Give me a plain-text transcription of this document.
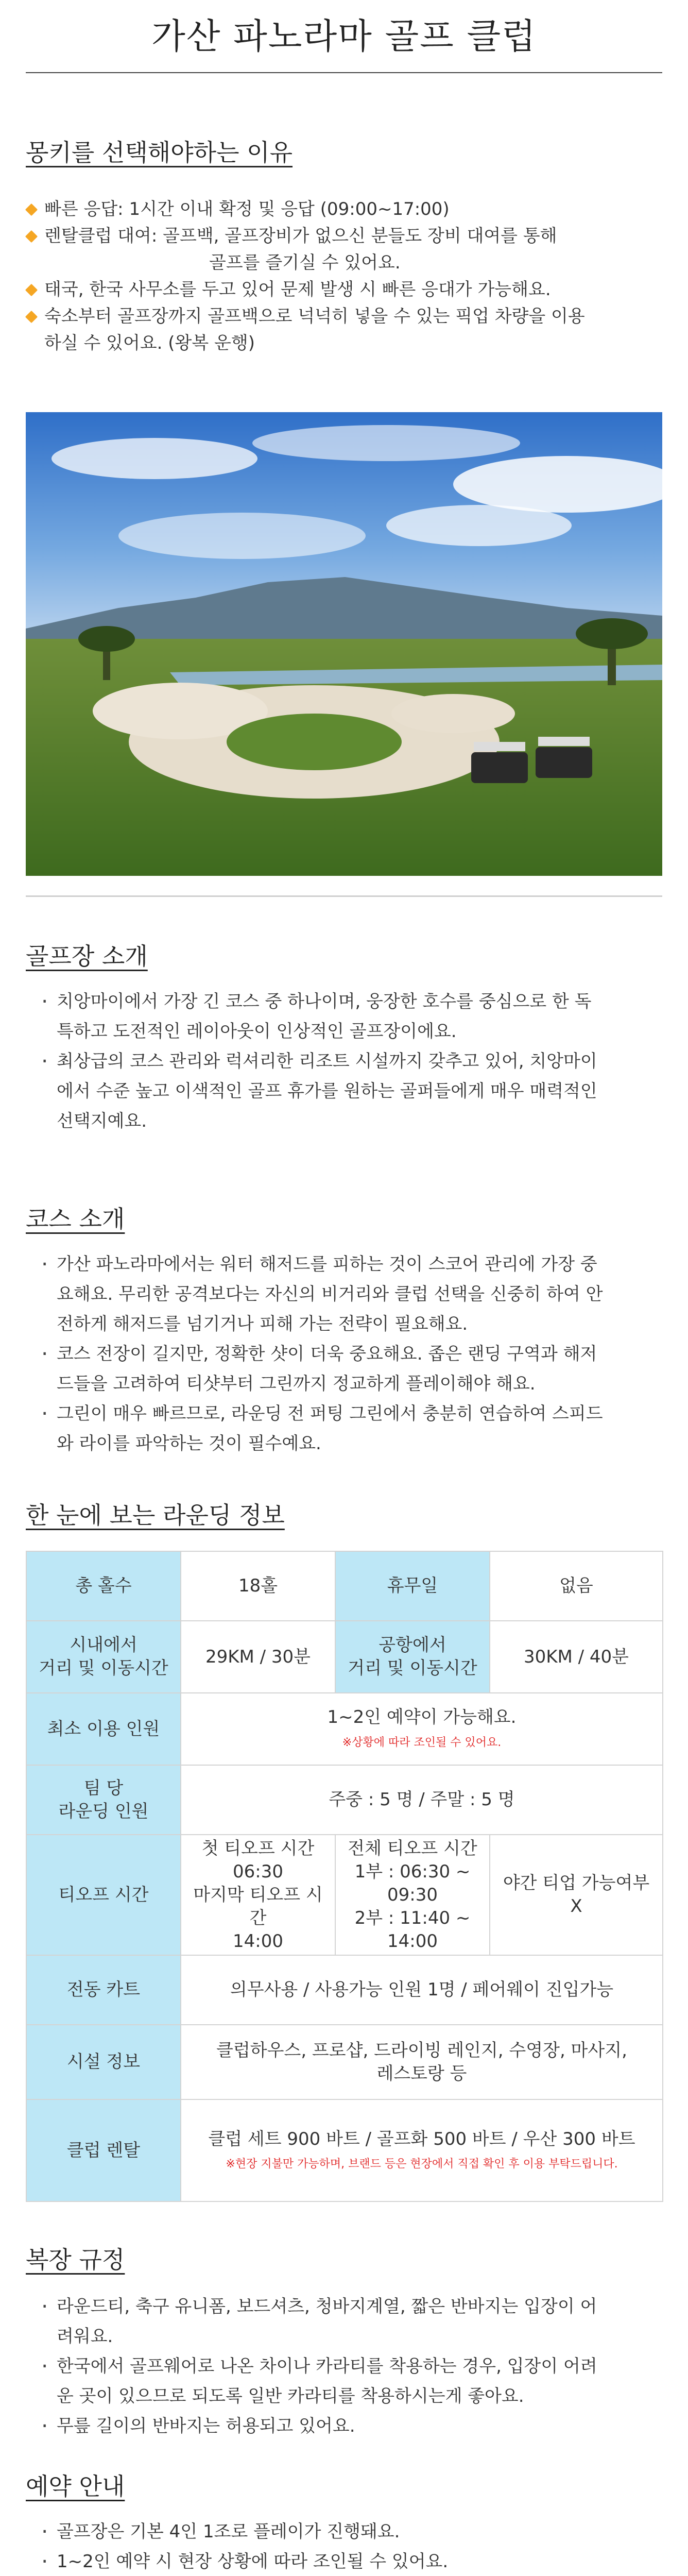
가산 파노라마 골프 클럽
몽키를 선택해야하는 이유

빠른 응답: 1시간 이내 확정 및 응답 (09:00~17:00)

렌탈클럽 대여: 골프백, 골프장비가 없으신 분들도 장비 대여를 통해
골프를 즐기실 수 있어요.

태국, 한국 사무소를 두고 있어 문제 발생 시 빠른 응대가 가능해요.

숙소부터 골프장까지 골프백으로 넉넉히 넣을 수 있는 픽업 차량을 이용
하실 수 있어요. (왕복 운행)

골프장 소개
· 치앙마이에서 가장 긴 코스 중 하나이며, 웅장한 호수를 중심으로 한 독
특하고 도전적인 레이아웃이 인상적인 골프장이에요.
· 최상급의 코스 관리와 럭셔리한 리조트 시설까지 갖추고 있어, 치앙마이
에서 수준 높고 이색적인 골프 휴가를 원하는 골퍼들에게 매우 매력적인
선택지예요.
코스 소개
· 가산 파노라마에서는 워터 해저드를 피하는 것이 스코어 관리에 가장 중
요해요. 무리한 공격보다는 자신의 비거리와 클럽 선택을 신중히 하여 안
전하게 해저드를 넘기거나 피해 가는 전략이 필요해요.
· 코스 전장이 길지만, 정확한 샷이 더욱 중요해요. 좁은 랜딩 구역과 해저
드들을 고려하여 티샷부터 그린까지 정교하게 플레이해야 해요.
· 그린이 매우 빠르므로, 라운딩 전 퍼팅 그린에서 충분히 연습하여 스피드
와 라이를 파악하는 것이 필수예요.
한 눈에 보는 라운딩 정보
총 홀수	18홀	휴무일	없음
시내에서
거리 및 이동시간	29KM / 30분	공항에서
거리 및 이동시간	30KM / 40분
최소 이용 인원	1~2인 예약이 가능해요.
※상황에 따라 조인될 수 있어요.		
팀 당
라운딩 인원	주중 : 5 명 / 주말 : 5 명		
티오프 시간	첫 티오프 시간
06:30
마지막 티오프 시간
14:00	전체 티오프 시간
1부 : 06:30 ~ 09:30
2부 : 11:40 ~ 14:00	야간 티업 가능여부
X
전동 카트	의무사용 / 사용가능 인원 1명 / 페어웨이 진입가능		
시설 정보	클럽하우스, 프로샵, 드라이빙 레인지, 수영장, 마사지,
레스토랑 등		
클럽 렌탈	클럽 세트 900 바트 / 골프화 500 바트 / 우산 300 바트
※현장 지불만 가능하며, 브랜드 등은 현장에서 직접 확인 후 이용 부탁드립니다.		
복장 규정
· 라운드티, 축구 유니폼, 보드셔츠, 청바지계열, 짧은 반바지는 입장이 어
려워요.
· 한국에서 골프웨어로 나온 차이나 카라티를 착용하는 경우, 입장이 어려
운 곳이 있으므로 되도록 일반 카라티를 착용하시는게 좋아요.
· 무릎 길이의 반바지는 허용되고 있어요.
예약 안내
· 골프장은 기본 4인 1조로 플레이가 진행돼요.
· 1~2인 예약 시 현장 상황에 따라 조인될 수 있어요.
